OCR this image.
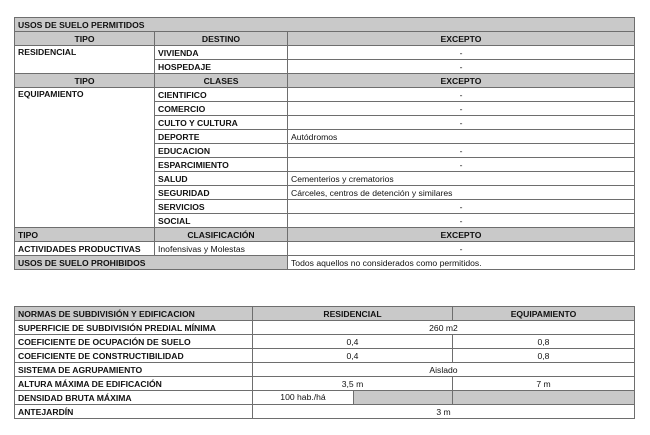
USOS DE SUELO PERMITIDOS		
TIPO	DESTINO	EXCEPTO
RESIDENCIAL	VIVIENDA	-
	HOSPEDAJE	-
TIPO	CLASES	EXCEPTO
EQUIPAMIENTO	CIENTIFICO	-
	COMERCIO	-
	CULTO Y CULTURA	-
	DEPORTE	Autódromos
	EDUCACION	-
	ESPARCIMIENTO	-
	SALUD	Cementerios y crematorios
	SEGURIDAD	Cárceles, centros de detención y similares
	SERVICIOS	-
	SOCIAL	-
TIPO	CLASIFICACIÓN	EXCEPTO
ACTIVIDADES PRODUCTIVAS	Inofensivas y Molestas	-
USOS DE SUELO PROHIBIDOS		Todos aquellos no considerados como permitidos.
NORMAS DE SUBDIVISIÓN Y EDIFICACION	RESIDENCIAL	EQUIPAMIENTO
SUPERFICIE DE SUBDIVISIÓN PREDIAL MÍNIMA	260 m2	
COEFICIENTE DE OCUPACIÓN DE SUELO	0,4	0,8
COEFICIENTE DE CONSTRUCTIBILIDAD	0,4	0,8
SISTEMA DE AGRUPAMIENTO	Aislado	
ALTURA MÁXIMA DE EDIFICACIÓN	3,5 m	7 m
DENSIDAD BRUTA MÁXIMA	100 hab./há	

ANTEJARDÍN	3 m	
